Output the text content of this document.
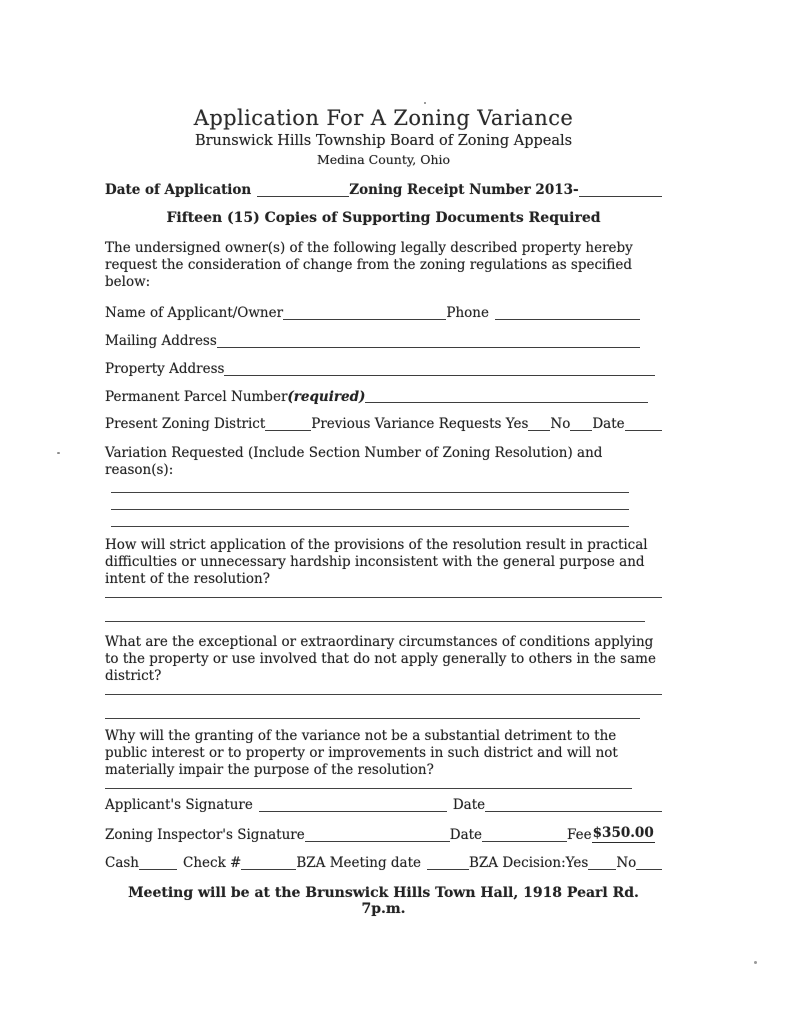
Application For A Zoning Variance
Brunswick Hills Township Board of Zoning Appeals
Medina County, Ohio
Date of Application	Zoning Receipt Number 2013-
Fifteen (15) Copies of Supporting Documents Required
The undersigned owner(s) of the following legally described property hereby request the consideration of change from the zoning regulations as specified below:
Name of Applicant/Owner	Phone
Mailing Address
Property Address
Permanent Parcel Number (required)
Present Zoning District	Previous Variance Requests Yes No Date
Variation Requested (Include Section Number of Zoning Resolution) and reason(s):
How will strict application of the provisions of the resolution result in practical difficulties or unnecessary hardship inconsistent with the general purpose and intent of the resolution?
What are the exceptional or extraordinary circumstances of conditions applying to the property or use involved that do not apply generally to others in the same district?
Why will the granting of the variance not be a substantial detriment to the public interest or to property or improvements in such district and will not materially impair the purpose of the resolution?
Applicant's Signature	Date
Zoning Inspector's Signature	Date	Fee $350.00
Cash	Check #	BZA Meeting date	BZA Decision:Yes No
Meeting will be at the Brunswick Hills Town Hall, 1918 Pearl Rd. 7p.m.
